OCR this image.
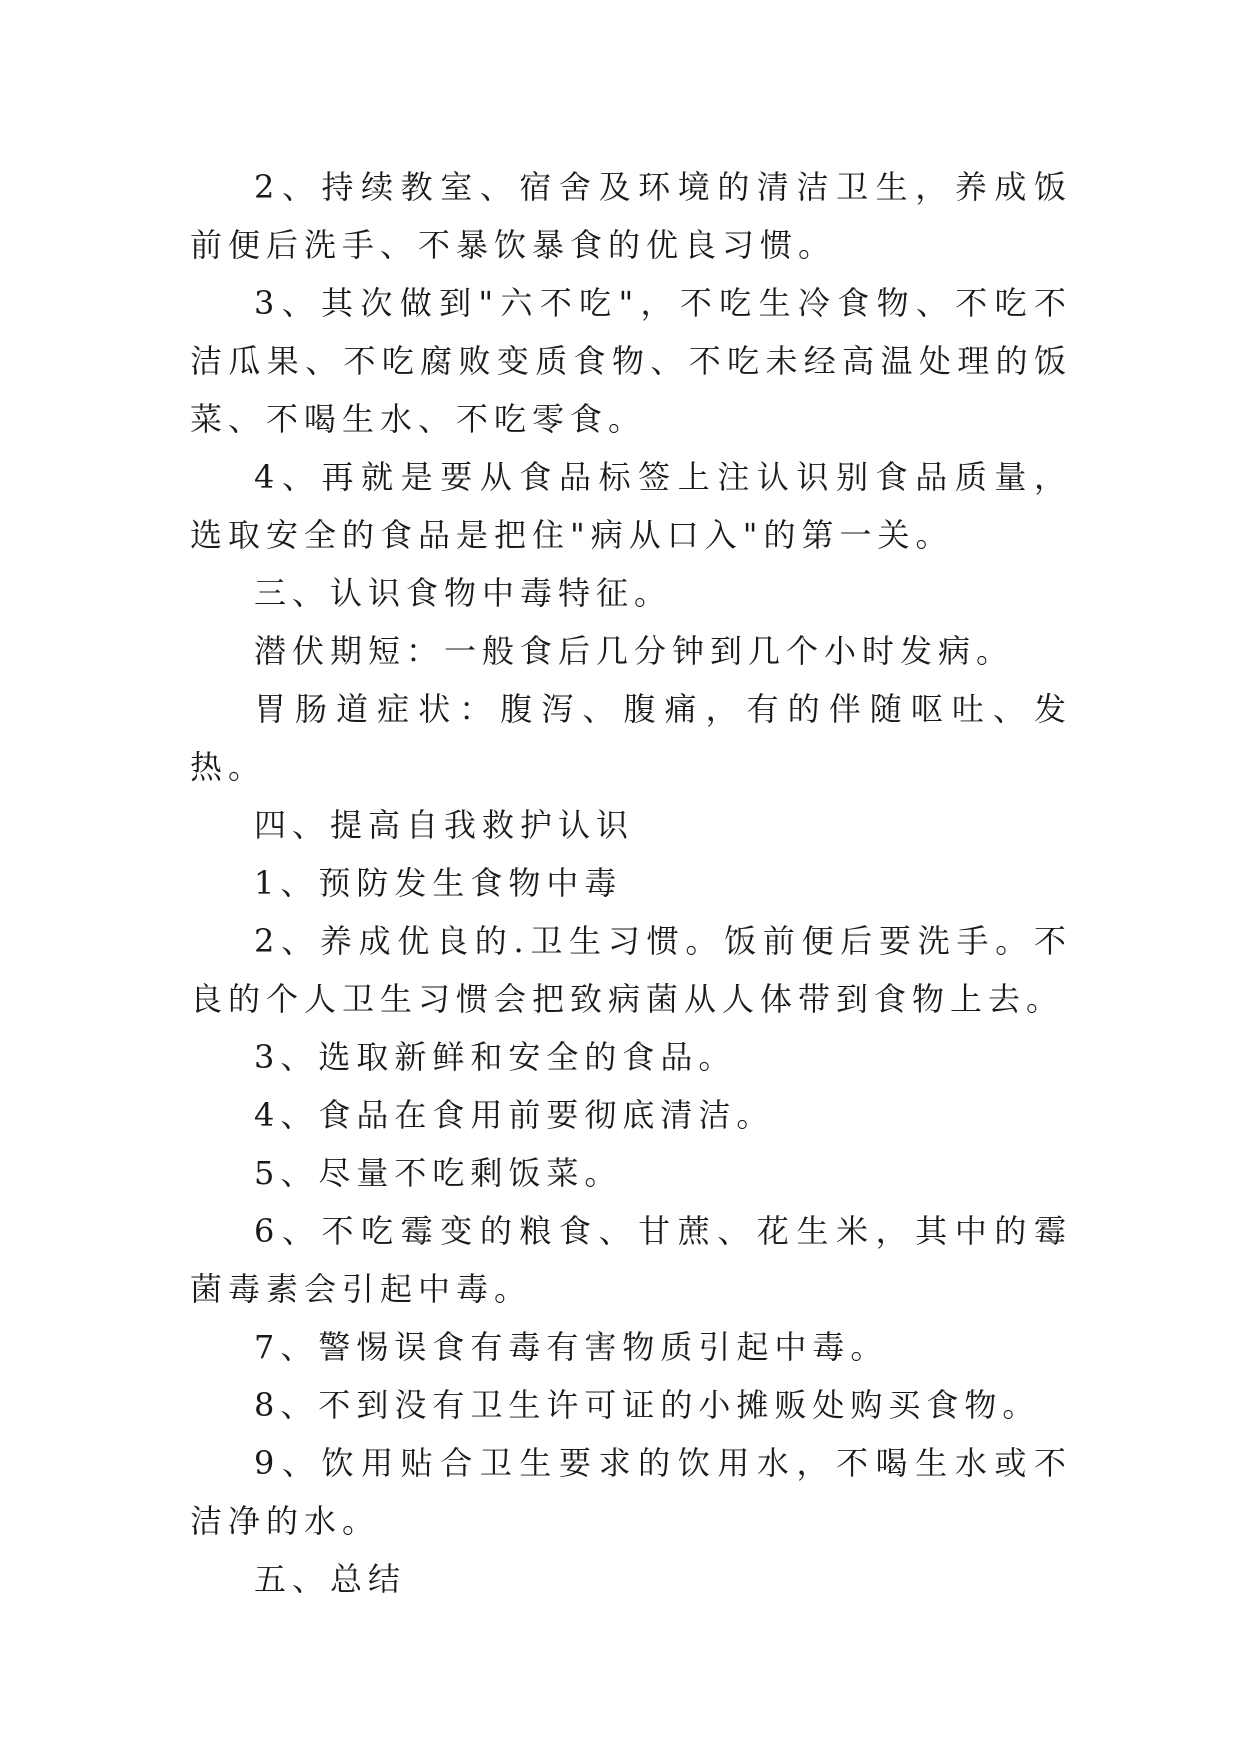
2、持续教室、宿舍及环境的清洁卫生，养成饭前便后洗手、不暴饮暴食的优良习惯。

3、其次做到"六不吃"，不吃生冷食物、不吃不洁瓜果、不吃腐败变质食物、不吃未经高温处理的饭菜、不喝生水、不吃零食。

4、再就是要从食品标签上注认识别食品质量，选取安全的食品是把住"病从口入"的第一关。

三、认识食物中毒特征。

潜伏期短：一般食后几分钟到几个小时发病。

胃肠道症状：腹泻、腹痛，有的伴随呕吐、发热。

四、提高自我救护认识

1、预防发生食物中毒

2、养成优良的.卫生习惯。饭前便后要洗手。不良的个人卫生习惯会把致病菌从人体带到食物上去。

3、选取新鲜和安全的食品。

4、食品在食用前要彻底清洁。

5、尽量不吃剩饭菜。

6、不吃霉变的粮食、甘蔗、花生米，其中的霉菌毒素会引起中毒。

7、警惕误食有毒有害物质引起中毒。

8、不到没有卫生许可证的小摊贩处购买食物。

9、饮用贴合卫生要求的饮用水，不喝生水或不洁净的水。

五、总结
